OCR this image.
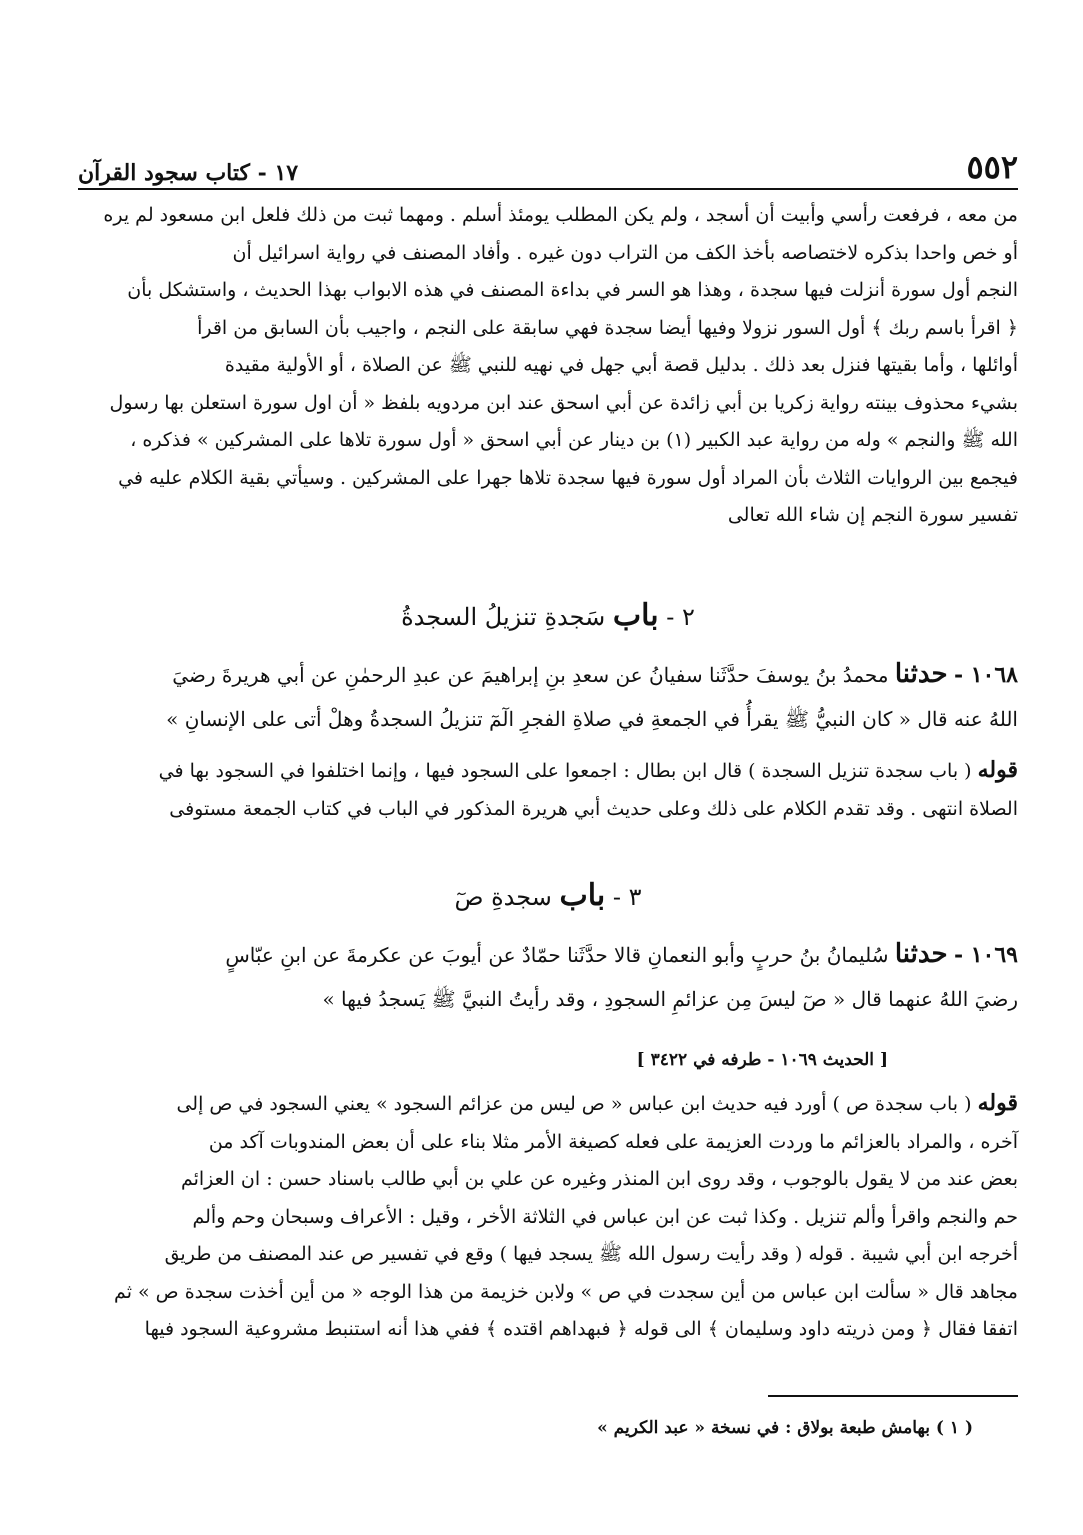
٥٥٢
١٧ - كتاب سجود القرآن

من معه ، فرفعت رأسي وأبيت أن أسجد ، ولم يكن المطلب يومئذ أسلم . ومهما ثبت من ذلك فلعل ابن مسعود لم يره

أو خص واحدا بذكره لاختصاصه بأخذ الكف من التراب دون غيره . وأفاد المصنف في رواية اسرائيل أن

النجم أول سورة أنزلت فيها سجدة ، وهذا هو السر في بداءة المصنف في هذه الابواب بهذا الحديث ، واستشكل بأن

﴿ اقرأ باسم ربك ﴾ أول السور نزولا وفيها أيضا سجدة فهي سابقة على النجم ، واجيب بأن السابق من اقرأ

أوائلها ، وأما بقيتها فنزل بعد ذلك . بدليل قصة أبي جهل في نهيه للنبي ﷺ عن الصلاة ، أو الأولية مقيدة

بشيء محذوف بينته رواية زكريا بن أبي زائدة عن أبي اسحق عند ابن مردويه بلفظ « أن اول سورة استعلن بها رسول

الله ﷺ والنجم » وله من رواية عبد الكبير (١) بن دينار عن أبي اسحق « أول سورة تلاها على المشركين » فذكره ،

فيجمع بين الروايات الثلاث بأن المراد أول سورة فيها سجدة تلاها جهرا على المشركين . وسيأتي بقية الكلام عليه في

تفسير سورة النجم إن شاء الله تعالى

٢ - باب سَجدةِ تنزيلُ السجدةُ

١٠٦٨ - حدثنا محمدُ بنُ يوسفَ حدَّثَنا سفيانُ عن سعدِ بنِ إبراهيمَ عن عبدِ الرحمٰنِ عن أبي هريرةَ رضيَ

اللهُ عنه قال « كان النبيُّ ﷺ يقرأُ في الجمعةِ في صلاةِ الفجرِ الٓمٓ تنزيلُ السجدةُ وهلْ أتى على الإنسانِ »

قوله ( باب سجدة تنزيل السجدة ) قال ابن بطال : اجمعوا على السجود فيها ، وإنما اختلفوا في السجود بها في

الصلاة انتهى . وقد تقدم الكلام على ذلك وعلى حديث أبي هريرة المذكور في الباب في كتاب الجمعة مستوفى

٣ - باب سجدةِ صٓ

١٠٦٩ - حدثنا سُليمانُ بنُ حربٍ وأبو النعمانِ قالا حدَّثَنا حمّادٌ عن أيوبَ عن عكرمةَ عن ابنِ عبّاسٍ

رضيَ اللهُ عنهما قال « صٓ ليسَ مِن عزائمِ السجودِ ، وقد رأيتُ النبيَّ ﷺ يَسجدُ فيها »

[ الحديث ١٠٦٩ - طرفه في ٣٤٢٢ ]

قوله ( باب سجدة ص ) أورد فيه حديث ابن عباس « ص ليس من عزائم السجود » يعني السجود في ص إلى

آخره ، والمراد بالعزائم ما وردت العزيمة على فعله كصيغة الأمر مثلا بناء على أن بعض المندوبات آكد من

بعض عند من لا يقول بالوجوب ، وقد روى ابن المنذر وغيره عن علي بن أبي طالب باسناد حسن : ان العزائم

حم والنجم واقرأ وألم تنزيل . وكذا ثبت عن ابن عباس في الثلاثة الأخر ، وقيل : الأعراف وسبحان وحم وألم

أخرجه ابن أبي شيبة . قوله ( وقد رأيت رسول الله ﷺ يسجد فيها ) وقع في تفسير ص عند المصنف من طريق

مجاهد قال « سألت ابن عباس من أين سجدت في ص » ولابن خزيمة من هذا الوجه « من أين أخذت سجدة ص » ثم

اتفقا فقال ﴿ ومن ذريته داود وسليمان ﴾ الى قوله ﴿ فبهداهم اقتده ﴾ ففي هذا أنه استنبط مشروعية السجود فيها

( ١ ) بهامش طبعة بولاق : في نسخة « عبد الكريم »
